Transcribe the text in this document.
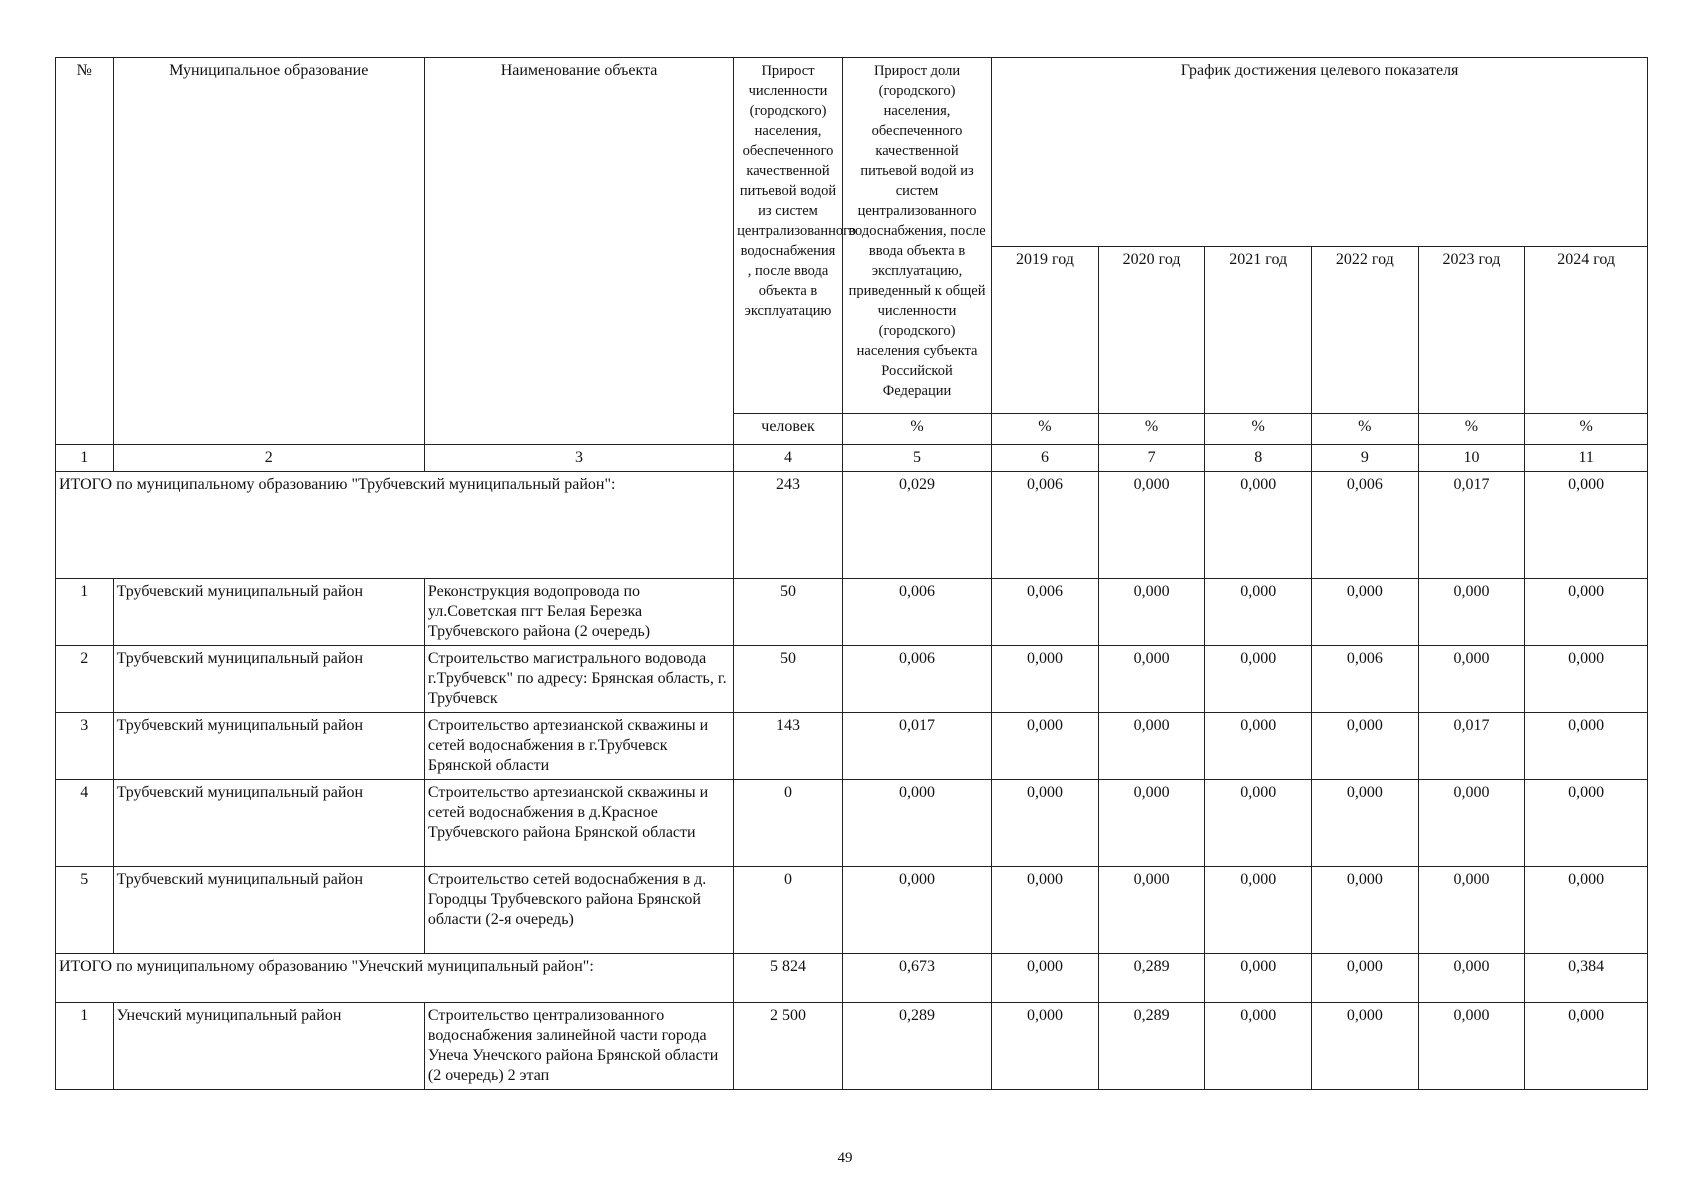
№	Муниципальное образование	Наименование объекта	Прирост численности (городского) населения, обеспеченного качественной питьевой водой из систем централизованного водоснабжения , после ввода объекта в эксплуатацию	Прирост доли (городского) населения, обеспеченного качественной питьевой водой из систем централизованного водоснабжения, после ввода объекта в эксплуатацию, приведенный к общей численности (городского) населения субъекта Российской Федерации	График достижения целевого показателя					
					2019 год	2020 год	2021 год	2022 год	2023 год	2024 год
			человек	%	%	%	%	%	%	%
1	2	3	4	5	6	7	8	9	10	11
ИТОГО по муниципальному образованию "Трубчевский муниципальный район":			243	0,029	0,006	0,000	0,000	0,006	0,017	0,000
1	Трубчевский муниципальный район	Реконструкция водопровода по ул.Советская пгт Белая Березка Трубчевского района (2 очередь)	50	0,006	0,006	0,000	0,000	0,000	0,000	0,000
2	Трубчевский муниципальный район	Строительство магистрального водовода г.Трубчевск" по адресу: Брянская область, г. Трубчевск	50	0,006	0,000	0,000	0,000	0,006	0,000	0,000
3	Трубчевский муниципальный район	Строительство артезианской скважины и сетей водоснабжения в г.Трубчевск Брянской области	143	0,017	0,000	0,000	0,000	0,000	0,017	0,000
4	Трубчевский муниципальный район	Строительство артезианской скважины и сетей водоснабжения в д.Красное Трубчевского района Брянской области	0	0,000	0,000	0,000	0,000	0,000	0,000	0,000
5	Трубчевский муниципальный район	Строительство сетей водоснабжения в д. Городцы Трубчевского района Брянской области (2-я очередь)	0	0,000	0,000	0,000	0,000	0,000	0,000	0,000
ИТОГО по муниципальному образованию "Унечский муниципальный район":			5 824	0,673	0,000	0,289	0,000	0,000	0,000	0,384
1	Унечский муниципальный район	Строительство централизованного водоснабжения залинейной части города Унеча Унечского района Брянской области (2 очередь) 2 этап	2 500	0,289	0,000	0,289	0,000	0,000	0,000	0,000
49
